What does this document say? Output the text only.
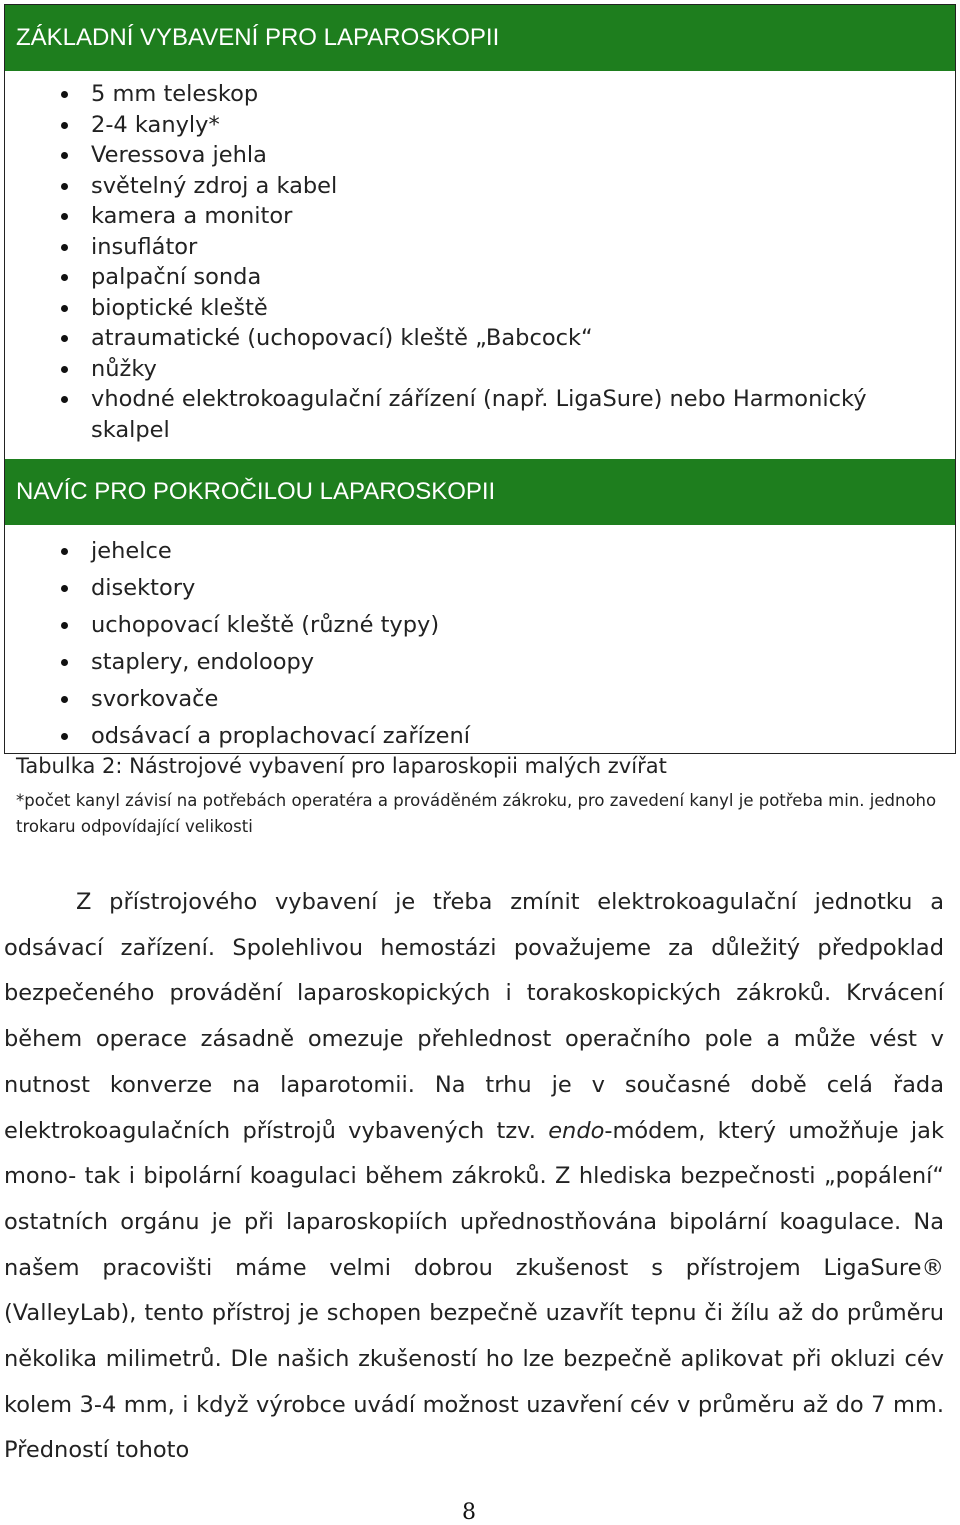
ZÁKLADNÍ VYBAVENÍ PRO LAPAROSKOPII
5 mm teleskop
2-4 kanyly*
Veressova jehla
světelný zdroj a kabel
kamera a monitor
insuflátor
palpační sonda
bioptické kleště
atraumatické (uchopovací) kleště „Babcock“
nůžky
vhodné elektrokoagulační zářízení (např. LigaSure) nebo Harmonický skalpel
NAVÍC PRO POKROČILOU LAPAROSKOPII
jehelce
disektory
uchopovací kleště (různé typy)
staplery, endoloopy
svorkovače
odsávací a proplachovací zařízení
Tabulka 2: Nástrojové vybavení pro laparoskopii malých zvířat
*počet kanyl závisí na potřebách operatéra a prováděném zákroku, pro zavedení kanyl je potřeba min. jednoho trokaru odpovídající velikosti
Z přístrojového vybavení je třeba zmínit elektrokoagulační jednotku a odsávací zařízení. Spolehlivou hemostázi považujeme za důležitý předpoklad bezpečeného provádění laparoskopických i torakoskopických zákroků. Krvácení během operace zásadně omezuje přehlednost operačního pole a může vést v nutnost konverze na laparotomii. Na trhu je v současné době celá řada elektrokoagulačních přístrojů vybavených tzv. endo-módem, který umožňuje jak mono- tak i bipolární koagulaci během zákroků. Z hlediska bezpečnosti „popálení“ ostatních orgánu je při laparoskopiích upřednostňována bipolární koagulace. Na našem pracovišti máme velmi dobrou zkušenost s přístrojem LigaSure® (ValleyLab), tento přístroj je schopen bezpečně uzavřít tepnu či žílu až do průměru několika milimetrů. Dle našich zkušeností ho lze bezpečně aplikovat při okluzi cév kolem 3-4 mm, i když výrobce uvádí možnost uzavření cév v průměru až do 7 mm. Předností tohoto
8
